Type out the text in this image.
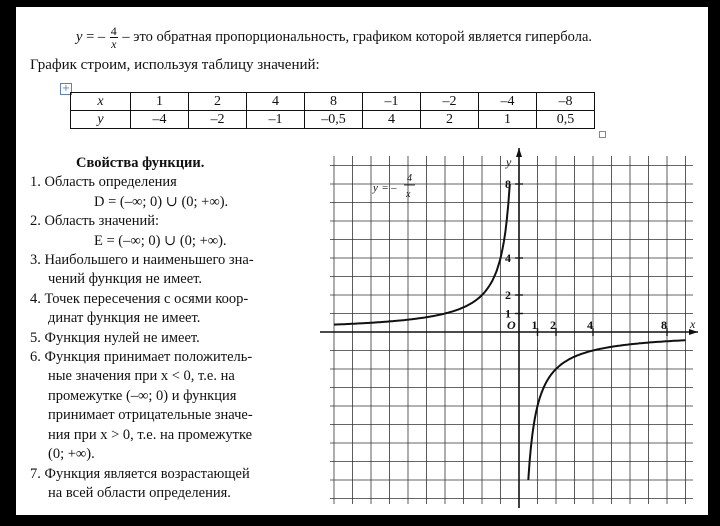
y = – $\frac{4}{x}$ – это обратная пропорциональность, графиком которой является гипербола.
График строим, используя таблицу значений:
+
x	1	2	4	8	–1	–2	–4	–8
y	–4	–2	–1	–0,5	4	2	1	0,5
Свойства функции.
1. Область определения
D = (–∞; 0) ∪ (0; +∞).
2. Область значений:
E = (–∞; 0) ∪ (0; +∞).
3. Наибольшего и наименьшего зна-
чений функция не имеет.
4. Точек пересечения с осями коор-
динат функция не имеет.
5. Функция нулей не имеет.
6. Функция принимает положитель-
ные значения при x < 0, т.е. на
промежутке (–∞; 0) и функция
принимает отрицательные значе-
ния при x > 0, т.е. на промежутке
(0; +∞).
7. Функция является возрастающей
на всей области определения.
1 2	4	8
1
2
4
8
O	x
y
y = –
4
x
